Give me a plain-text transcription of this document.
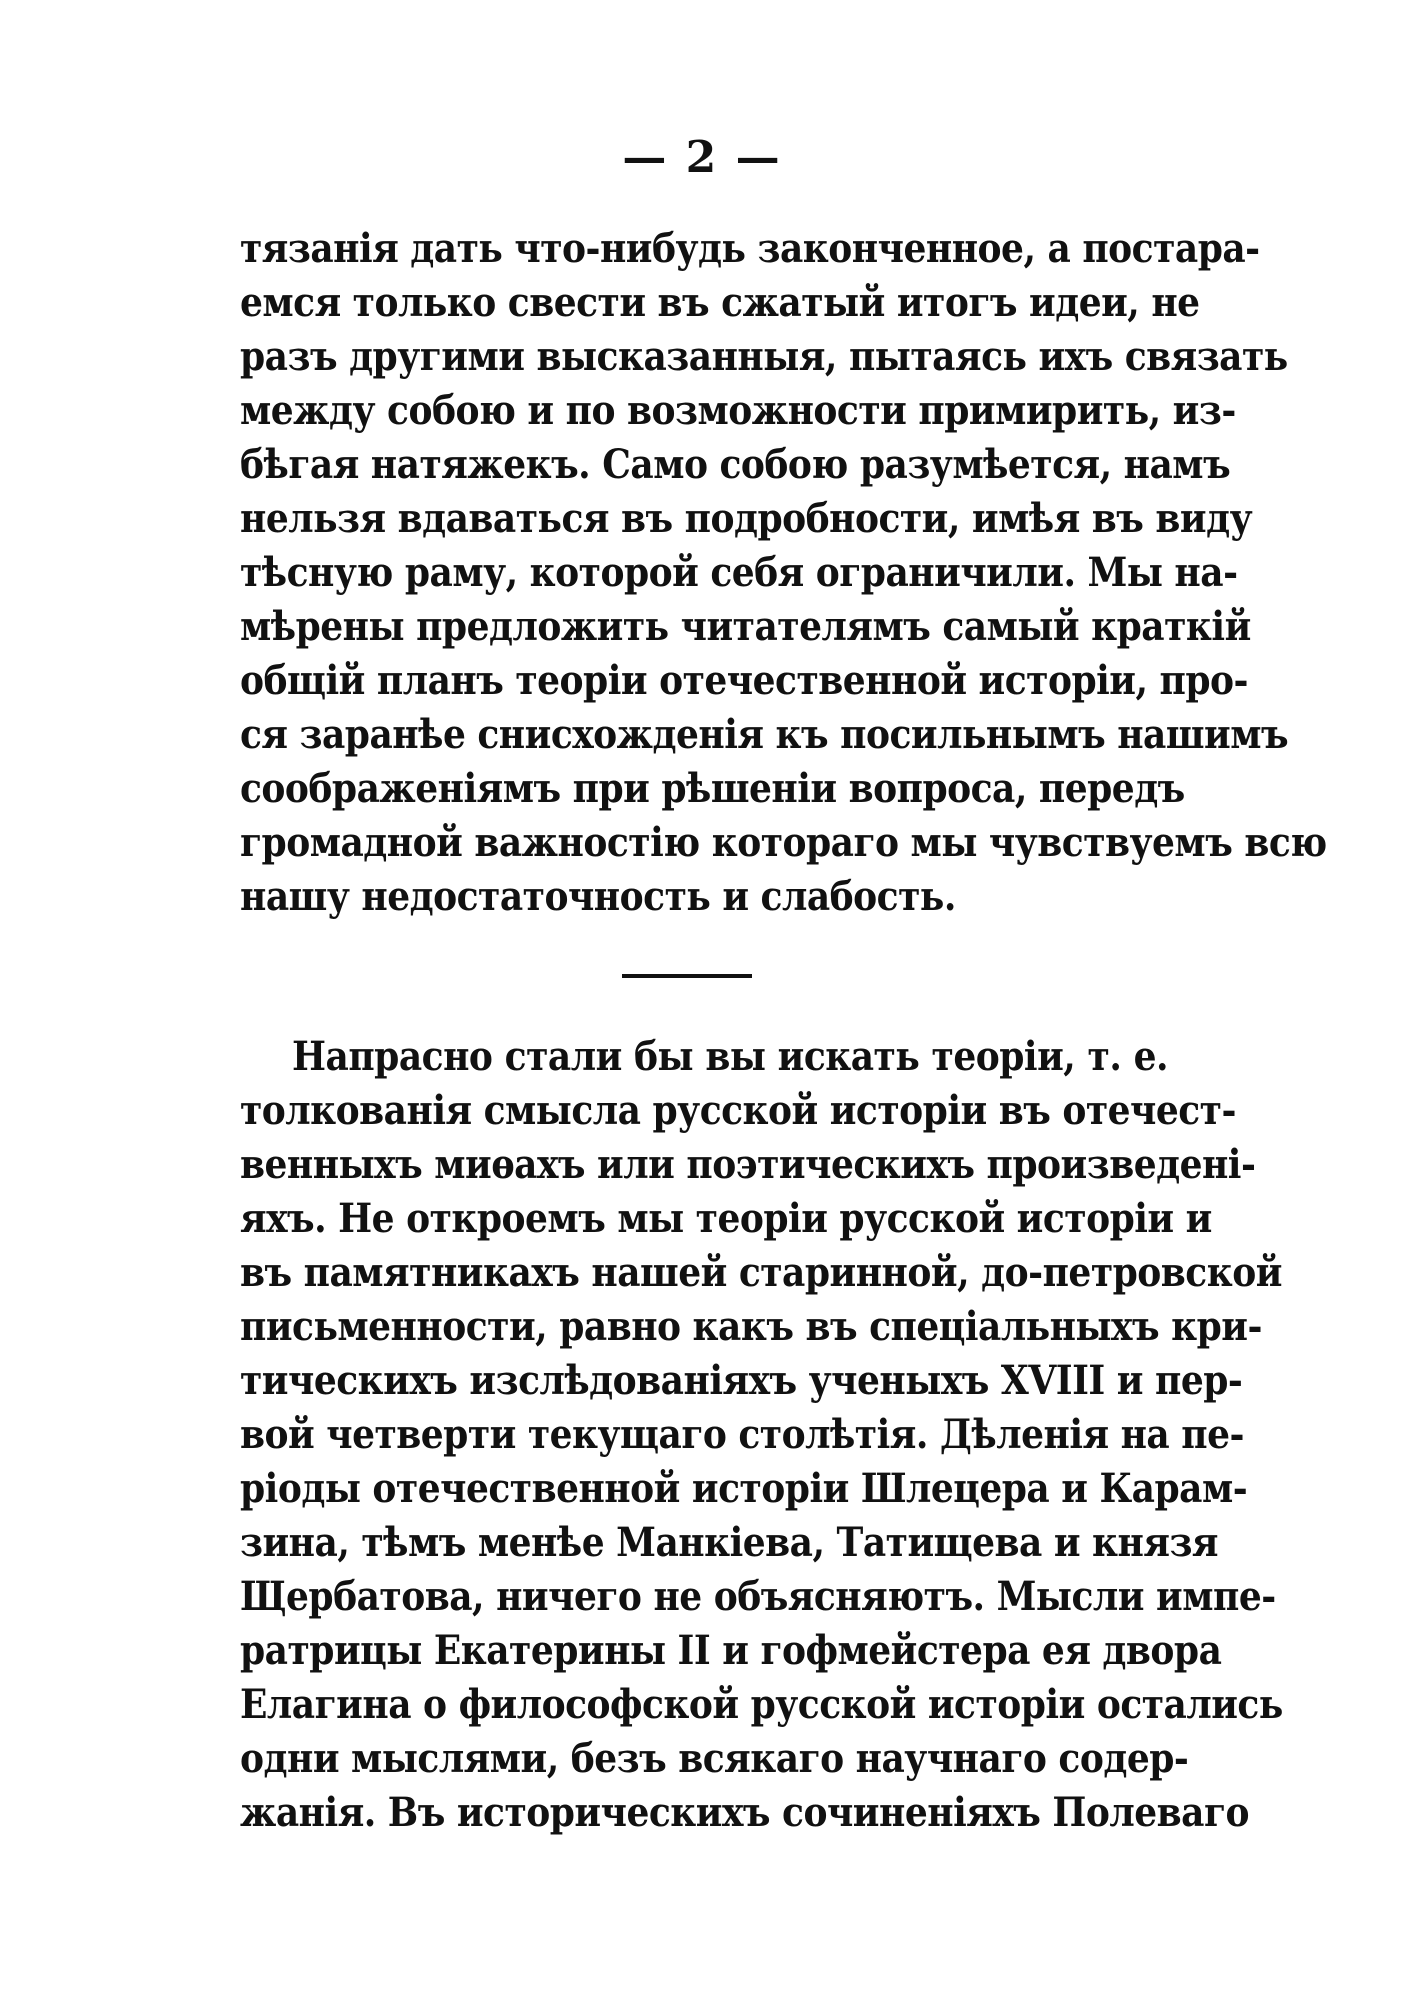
— 2 —
тязанія дать что-нибудь законченное, а постара-
емся только свести въ сжатый итогъ идеи, не
разъ другими высказанныя, пытаясь ихъ связать
между собою и по возможности примирить, из-
бѣгая натяжекъ. Само собою разумѣется, намъ
нельзя вдаваться въ подробности, имѣя въ виду
тѣсную раму, которой себя ограничили. Мы на-
мѣрены предложить читателямъ самый краткій
общій планъ теоріи отечественной исторіи, про-
ся заранѣе снисхожденія къ посильнымъ нашимъ
соображеніямъ при рѣшеніи вопроса, передъ
громадной важностію котораго мы чувствуемъ всю
нашу недостаточность и слабость.
Напрасно стали бы вы искать теоріи, т. е.
толкованія смысла русской исторіи въ отечест-
венныхъ миѳахъ или поэтическихъ произведені-
яхъ. Не откроемъ мы теоріи русской исторіи и
въ памятникахъ нашей старинной, до-петровской
письменности, равно какъ въ спеціальныхъ кри-
тическихъ изслѣдованіяхъ ученыхъ XVIII и пер-
вой четверти текущаго столѣтія. Дѣленія на пе-
ріоды отечественной исторіи Шлецера и Карам-
зина, тѣмъ менѣе Манкіева, Татищева и князя
Щербатова, ничего не объясняютъ. Мысли импе-
ратрицы Екатерины II и гофмейстера ея двора
Елагина о философской русской исторіи остались
одни мыслями, безъ всякаго научнаго содер-
жанія. Въ историческихъ сочиненіяхъ Полеваго
